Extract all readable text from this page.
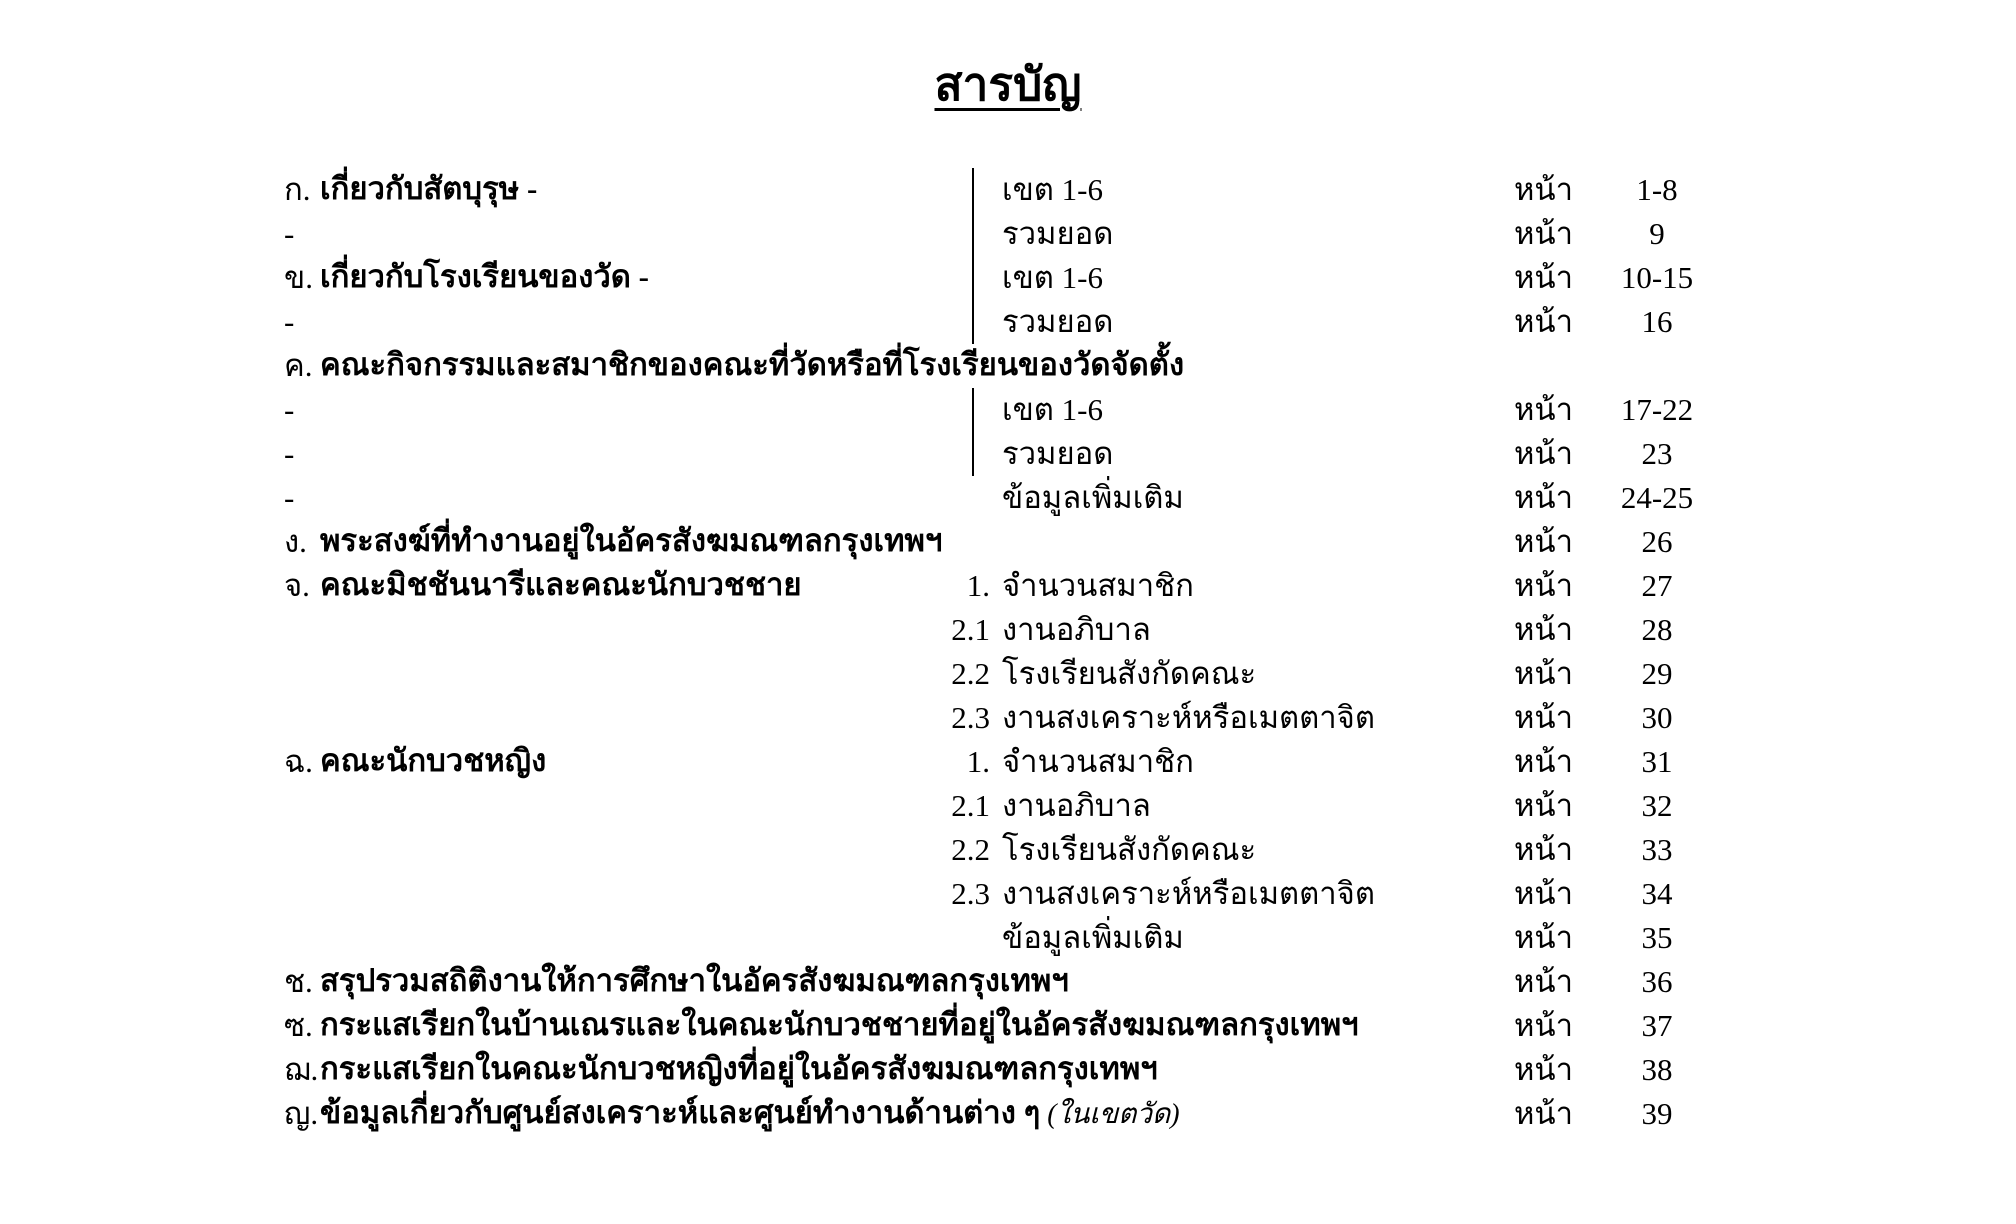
สารบัญ
ก. เกี่ยวกับสัตบุรุษ -	เขต 1-6	หน้า	1-8
-	รวมยอด	หน้า	9
ข. เกี่ยวกับโรงเรียนของวัด -	เขต 1-6	หน้า	10-15
-	รวมยอด	หน้า	16
ค. คณะกิจกรรมและสมาชิกของคณะที่วัดหรือที่โรงเรียนของวัดจัดตั้ง
-	เขต 1-6	หน้า	17-22
-	รวมยอด	หน้า	23
-	ข้อมูลเพิ่มเติม	หน้า	24-25
ง. พระสงฆ์ที่ทำงานอยู่ในอัครสังฆมณฑลกรุงเทพฯ	หน้า	26
จ. คณะมิชชันนารีและคณะนักบวชชาย	1. จำนวนสมาชิก	หน้า	27
2.1 งานอภิบาล	หน้า	28
2.2 โรงเรียนสังกัดคณะ	หน้า	29
2.3 งานสงเคราะห์หรือเมตตาจิต	หน้า	30
ฉ. คณะนักบวชหญิง	1. จำนวนสมาชิก	หน้า	31
2.1 งานอภิบาล	หน้า	32
2.2 โรงเรียนสังกัดคณะ	หน้า	33
2.3 งานสงเคราะห์หรือเมตตาจิต	หน้า	34
ข้อมูลเพิ่มเติม	หน้า	35
ช. สรุปรวมสถิติงานให้การศึกษาในอัครสังฆมณฑลกรุงเทพฯ	หน้า	36
ซ. กระแสเรียกในบ้านเณรและในคณะนักบวชชายที่อยู่ในอัครสังฆมณฑลกรุงเทพฯ	หน้า	37
ฌ. กระแสเรียกในคณะนักบวชหญิงที่อยู่ในอัครสังฆมณฑลกรุงเทพฯ	หน้า	38
ญ. ข้อมูลเกี่ยวกับศูนย์สงเคราะห์และศูนย์ทำงานด้านต่าง ๆ (ในเขตวัด)	หน้า	39
